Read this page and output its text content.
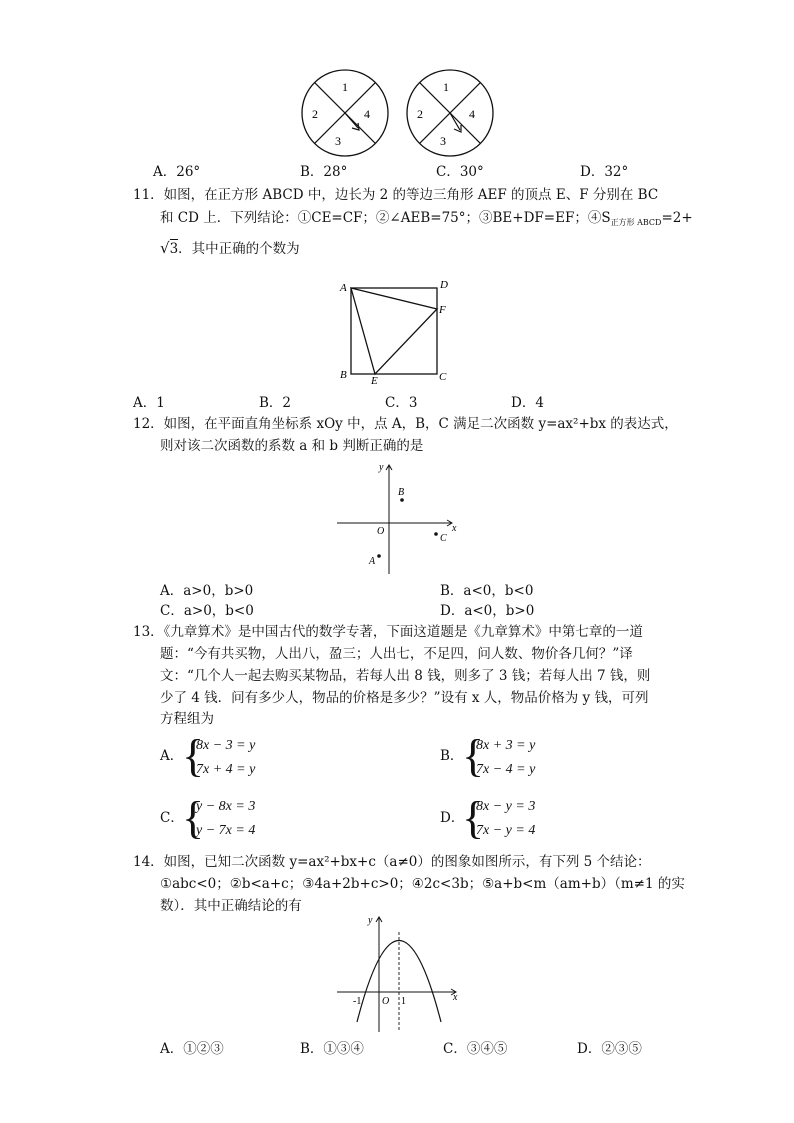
1
2
3
4
1
2
3
4
A．26°	B．28°	C．30°	D．32°
11．如图，在正方形 ABCD 中，边长为 2 的等边三角形 AEF 的顶点 E、F 分别在 BC
和 CD 上．下列结论：①CE=CF；②∠AEB=75°；③BE+DF=EF；$④S_{正方形 ABCD}=2+$
√3．其中正确的个数为
A	D
F
B E	C
A．1	B．2	C．3	D．4
12．如图，在平面直角坐标系 xOy 中，点 A，B，C 满足二次函数 y=ax²+bx 的表达式，
则对该二次函数的系数 a 和 b 判断正确的是
y
x
O
B
C
A
A．a>0，b>0	B．a<0，b<0
C．a>0，b<0	D．a<0，b>0
13．《九章算术》是中国古代的数学专著，下面这道题是《九章算术》中第七章的一道
题：“今有共买物，人出八，盈三；人出七，不足四，问人数、物价各几何？”译
文：“几个人一起去购买某物品，若每人出 8 钱，则多了 3 钱；若每人出 7 钱，则
少了 4 钱．问有多少人，物品的价格是多少？”设有 x 人，物品价格为 y 钱，可列
方程组为
A．
{
8x − 3 = y
7x + 4 = y
B．
{
8x + 3 = y
7x − 4 = y
C．
{
y − 8x = 3
y − 7x = 4
D．
{
8x − y = 3
7x − y = 4
14．如图，已知二次函数 y=ax²+bx+c（a≠0）的图象如图所示，有下列 5 个结论：
①abc<0；②b<a+c；③4a+2b+c>0；④2c<3b；⑤a+b<m（am+b）（m≠1 的实
数）．其中正确结论的有
y
x
O
-1	1
A．①②③	B．①③④	C．③④⑤	D．②③⑤
